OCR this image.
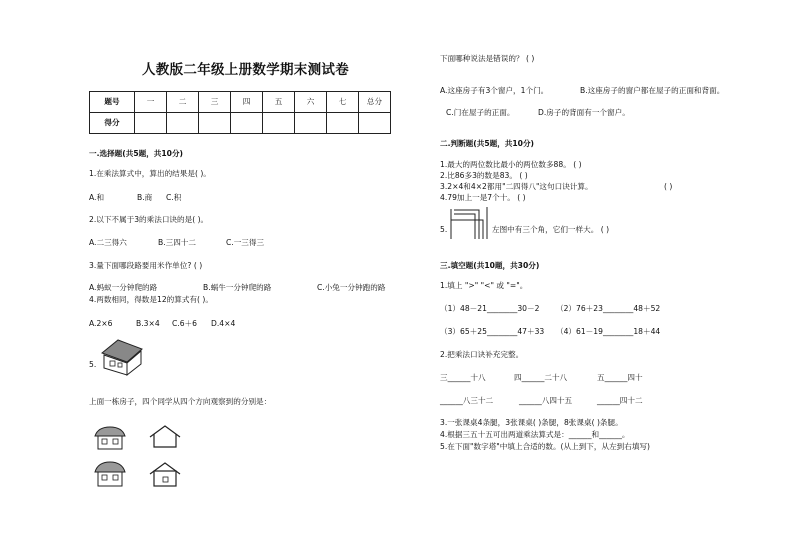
人教版二年级上册数学期末测试卷
题号	一	二	三	四	五	六	七	总分
得分								
一.选择题(共5题，共10分)
1.在乘法算式中，算出的结果是( )。
A.和	B.商 C.积
2.以下不属于3的乘法口诀的是( )。
A.二三得六	B.三四十二	C.一三得三
3.量下面哪段路要用米作单位? ( )
A.蚂蚁一分钟爬的路	B.蜗牛一分钟爬的路	C.小兔一分钟跑的路
4.两数相同，得数是12的算式有( )。
A.2×6	B.3×4 C.6＋6 D.4×4
5.
上面一栋房子，四个同学从四个方向观察到的分别是：
下面哪种说法是错误的？ ( )
A.这座房子有3个窗户，1个门。	B.这座房子的窗户都在屋子的正面和背面。
C.门在屋子的正面。	D.房子的背面有一个窗户。
二.判断题(共5题，共10分)
1.最大的两位数比最小的两位数多88。 ( )
2.比86多3的数是83。 ( )
3.2×4和4×2都用"二四得八"这句口诀计算。	( )
4.79加上一是7个十。 ( )
5.	左图中有三个角，它们一样大。 ( )
三.填空题(共10题，共30分)
1.填上 ">" "<" 或 "="。
（1）48－21________30－2 （2）76＋23________48＋52
（3）65＋25________47＋33 （4）61－19________18＋44
2.把乘法口诀补充完整。
三______十八	四______二十八	五______四十
______八三十二	______八四十五	______四十二
3.一张课桌4条腿，3张课桌( )条腿，8张课桌( )条腿。
4.根据三五十五可出两道乘法算式是：______和______。
5.在下面"数字塔"中填上合适的数。(从上到下，从左到右填写)
